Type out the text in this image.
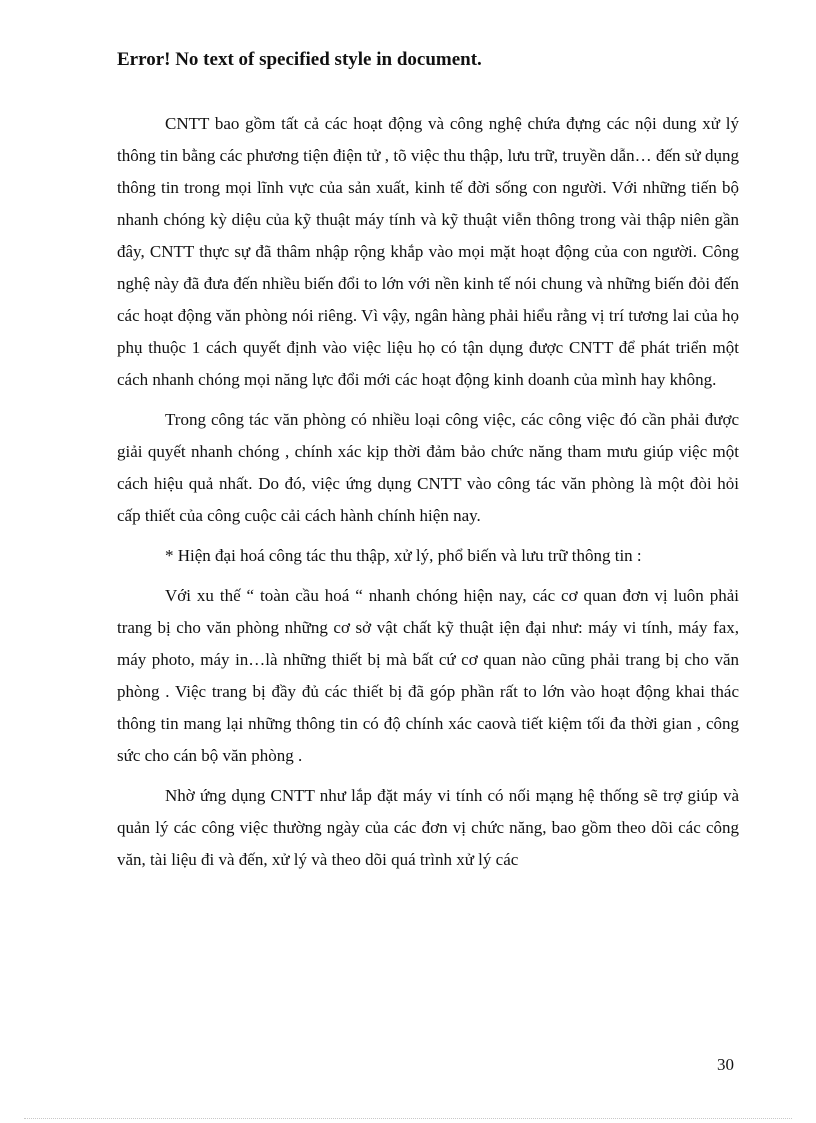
Error! No text of specified style in document.

CNTT bao gồm tất cả các hoạt động và công nghệ chứa đựng các nội dung xử lý thông tin bằng các phương tiện điện tử , tõ việc thu thập, lưu trữ, truyền dẫn… đến sử dụng thông tin trong mọi lĩnh vực của sản xuất, kinh tế đời sống con người. Với những tiến bộ nhanh chóng kỳ diệu của kỹ thuật máy tính và kỹ thuật viễn thông trong vài thập niên gần đây, CNTT thực sự đã thâm nhập rộng khắp vào mọi mặt hoạt động của con người. Công nghệ này đã đưa đến nhiều biến đổi to lớn với nền kinh tế nói chung và những biến đỏi đến các hoạt động văn phòng nói riêng. Vì vậy, ngân hàng phải hiểu rằng vị trí tương lai của họ phụ thuộc 1 cách quyết định vào việc liệu họ có tận dụng được CNTT để phát triển một cách nhanh chóng mọi năng lực đổi mới các hoạt động kinh doanh của mình hay không.

Trong công tác văn phòng có nhiều loại công việc, các công việc đó cần phải được giải quyết nhanh chóng , chính xác kịp thời đảm bảo chức năng tham mưu giúp việc một cách hiệu quả nhất. Do đó, việc ứng dụng CNTT vào công tác văn phòng là một đòi hỏi cấp thiết của công cuộc cải cách hành chính hiện nay.

* Hiện đại hoá công tác thu thập, xử lý, phổ biến và lưu trữ thông tin :

Với xu thế “ toàn cầu hoá “ nhanh chóng hiện nay, các cơ quan đơn vị luôn phải trang bị cho văn phòng những cơ sở vật chất kỹ thuật iện đại như: máy vi tính, máy fax, máy photo, máy in…là những thiết bị mà bất cứ cơ quan nào cũng phải trang bị cho văn phòng . Việc trang bị đầy đủ các thiết bị đã góp phần rất to lớn vào hoạt động khai thác thông tin mang lại những thông tin có độ chính xác caovà tiết kiệm tối đa thời gian , công sức cho cán bộ văn phòng .

Nhờ ứng dụng CNTT như lắp đặt máy vi tính có nối mạng hệ thống sẽ trợ giúp và quản lý các công việc thường ngày của các đơn vị chức năng, bao gồm theo dõi các công văn, tài liệu đi và đến, xử lý và theo dõi quá trình xử lý các

30
